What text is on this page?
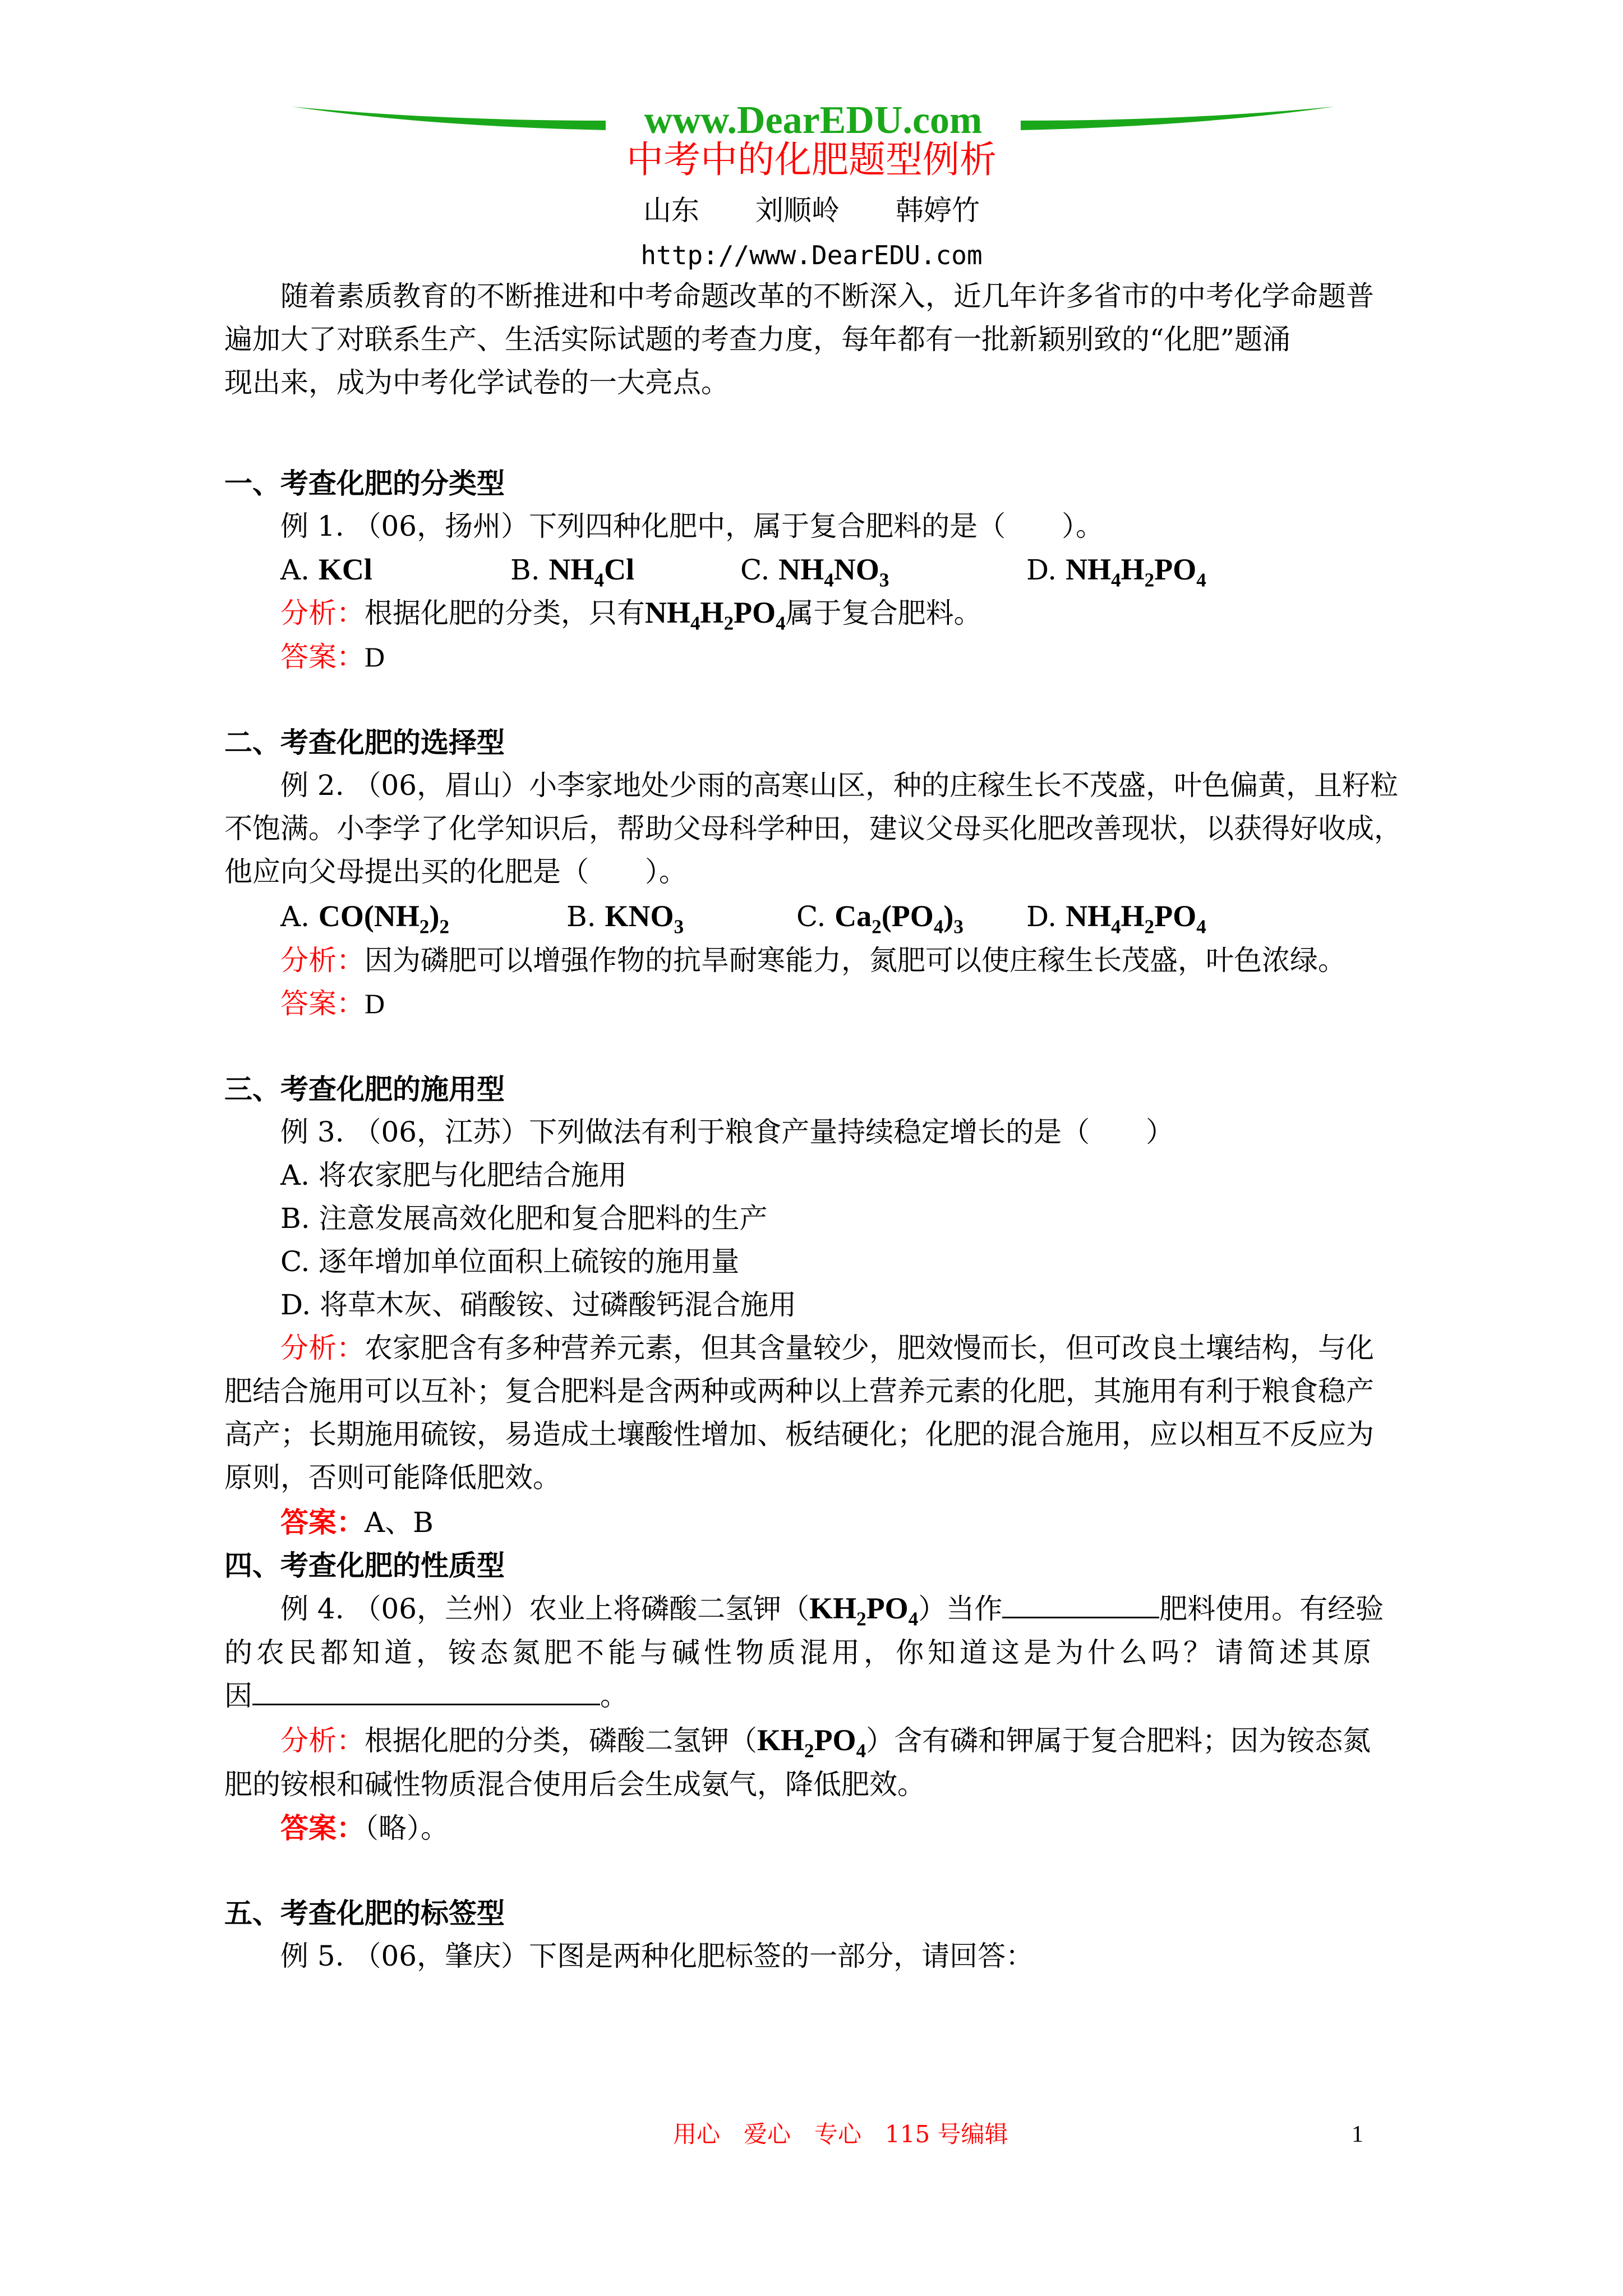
www.DearEDU.com
中考中的化肥题型例析
山东　　刘顺岭　　韩婷竹
http://www.DearEDU.com
随着素质教育的不断推进和中考命题改革的不断深入，近几年许多省市的中考化学命题普
遍加大了对联系生产、生活实际试题的考查力度，每年都有一批新颖别致的“化肥”题涌
现出来，成为中考化学试卷的一大亮点。
一、考查化肥的分类型
例 1. （06，扬州）下列四种化肥中，属于复合肥料的是（　　）。
A. KCl	B. $NH_4Cl$	C. $NH_4NO_3$	D. $NH_4H_2PO_4$
分析：根据化肥的分类，只有$NH_4H_2PO_4$属于复合肥料。
答案：D
二、考查化肥的选择型
例 2. （06，眉山）小李家地处少雨的高寒山区，种的庄稼生长不茂盛，叶色偏黄，且籽粒
不饱满。小李学了化学知识后，帮助父母科学种田，建议父母买化肥改善现状，以获得好收成，
他应向父母提出买的化肥是（　　）。
A. $CO(NH_2)_2$	B. $KNO_3$	C. $Ca_2(PO_4)_3$ D. $NH_4H_2PO_4$
分析：因为磷肥可以增强作物的抗旱耐寒能力，氮肥可以使庄稼生长茂盛，叶色浓绿。
答案：D
三、考查化肥的施用型
例 3. （06，江苏）下列做法有利于粮食产量持续稳定增长的是（　　）
A. 将农家肥与化肥结合施用
B. 注意发展高效化肥和复合肥料的生产
C. 逐年增加单位面积上硫铵的施用量
D. 将草木灰、硝酸铵、过磷酸钙混合施用
分析：农家肥含有多种营养元素，但其含量较少，肥效慢而长，但可改良土壤结构，与化
肥结合施用可以互补；复合肥料是含两种或两种以上营养元素的化肥，其施用有利于粮食稳产
高产；长期施用硫铵，易造成土壤酸性增加、板结硬化；化肥的混合施用，应以相互不反应为
原则，否则可能降低肥效。
答案：A、B
四、考查化肥的性质型
例 4. （06，兰州）农业上将磷酸二氢钾$(KH_2PO_4)$当作	肥料使用。有经验
的农民都知道，铵态氮肥不能与碱性物质混用，你知道这是为什么吗？请简述其原
因	。
分析：根据化肥的分类，磷酸二氢钾$(KH_2PO_4)$含有磷和钾属于复合肥料；因为铵态氮
肥的铵根和碱性物质混合使用后会生成氨气，降低肥效。
答案：（略）。
五、考查化肥的标签型
例 5. （06，肇庆）下图是两种化肥标签的一部分，请回答：
用心　爱心　专心　115 号编辑	1
